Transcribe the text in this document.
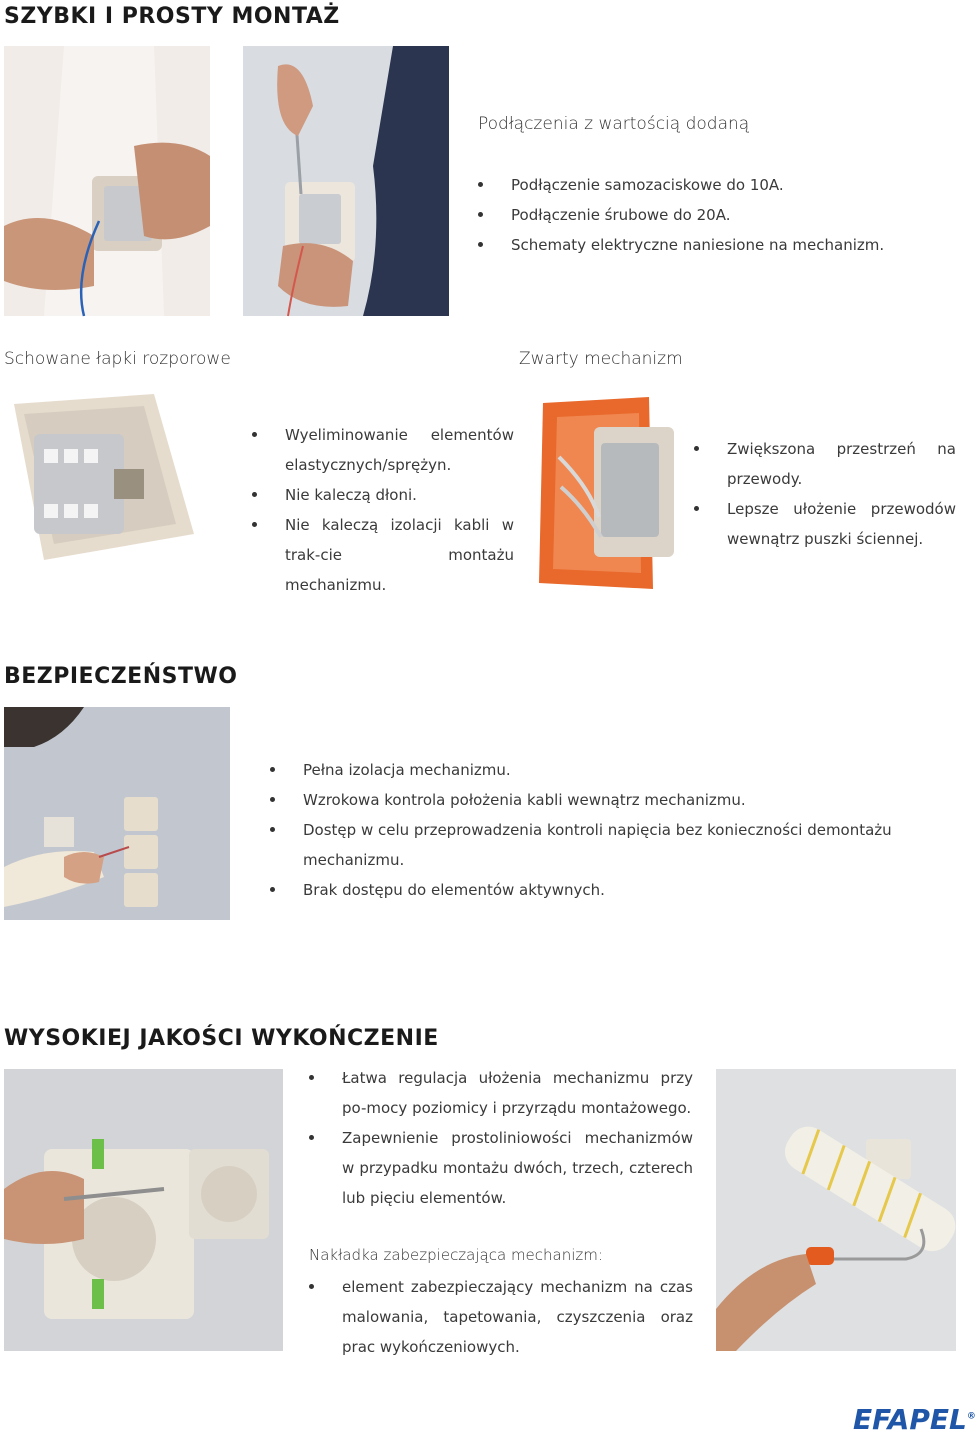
SZYBKI I PROSTY MONTAŻ
Podłączenia z wartością dodaną
Podłączenie samozaciskowe do 10A.
Podłączenie śrubowe do 20A.
Schematy elektryczne naniesione na mechanizm.
Schowane łapki rozporowe	Zwarty mechanizm
Wyeliminowanie elementów elastycznych/sprężyn.
Nie kaleczą dłoni.
Nie kaleczą izolacji kabli w trak-cie montażu mechanizmu.
Zwiększona przestrzeń na przewody.
Lepsze ułożenie przewodów wewnątrz puszki ściennej.
BEZPIECZEŃSTWO
Pełna izolacja mechanizmu.
Wzrokowa kontrola położenia kabli wewnątrz mechanizmu.
Dostęp w celu przeprowadzenia kontroli napięcia bez konieczności demontażu mechanizmu.
Brak dostępu do elementów aktywnych.
WYSOKIEJ JAKOŚCI WYKOŃCZENIE
Łatwa regulacja ułożenia mechanizmu przy po-mocy poziomicy i przyrządu montażowego.
Zapewnienie prostoliniowości mechanizmów w przypadku montażu dwóch, trzech, czterech lub pięciu elementów.
Nakładka zabezpieczająca mechanizm:
element zabezpieczający mechanizm na czas malowania, tapetowania, czyszczenia oraz prac wykończeniowych.
EFAPEL®
